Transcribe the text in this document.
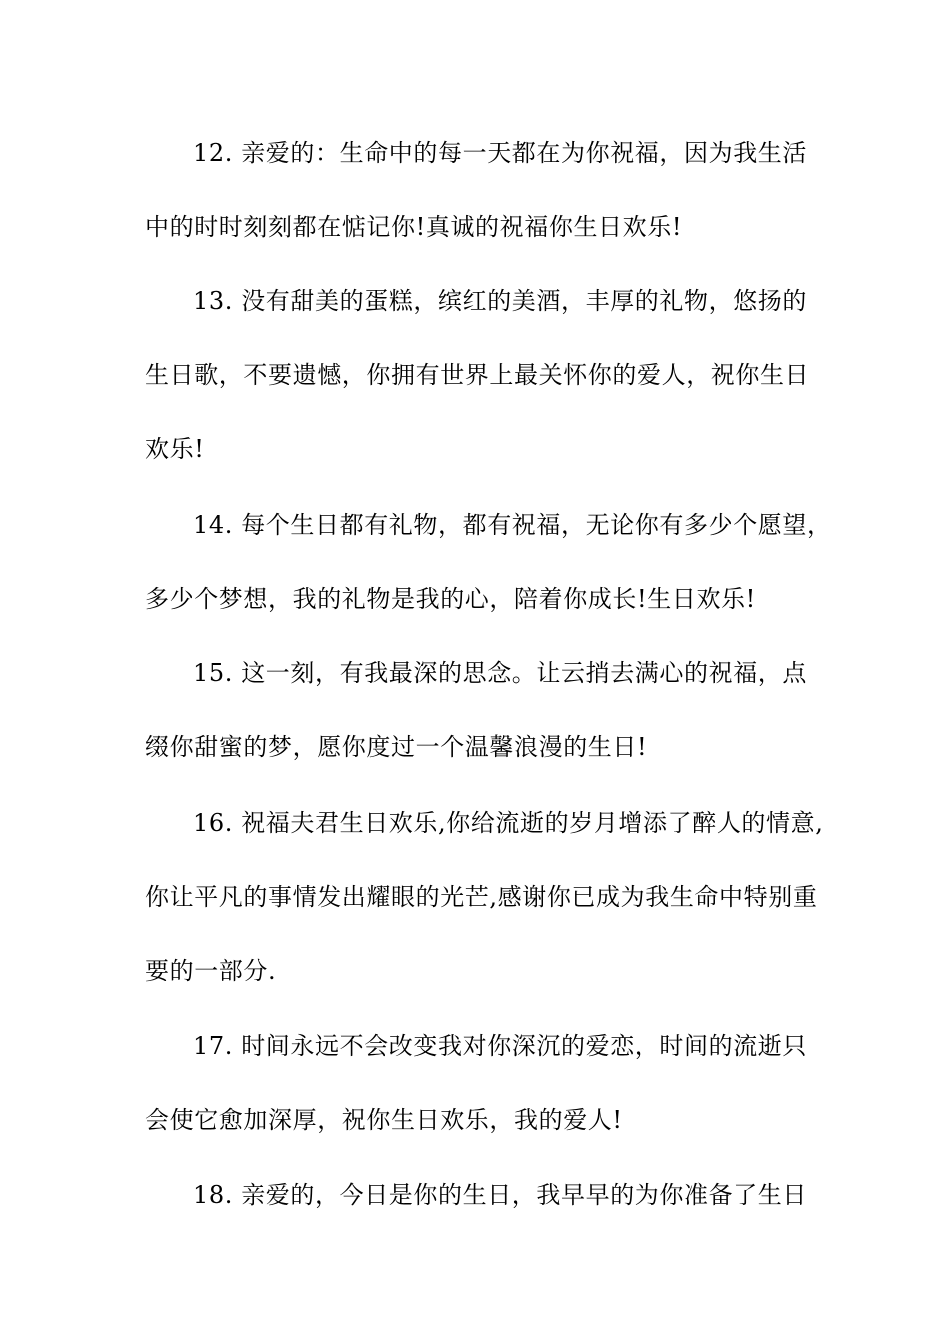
12. 亲爱的：生命中的每一天都在为你祝福，因为我生活
中的时时刻刻都在惦记你!真诚的祝福你生日欢乐!
13. 没有甜美的蛋糕，缤红的美酒，丰厚的礼物，悠扬的
生日歌，不要遗憾，你拥有世界上最关怀你的爱人，祝你生日
欢乐!
14. 每个生日都有礼物，都有祝福，无论你有多少个愿望，
多少个梦想，我的礼物是我的心，陪着你成长!生日欢乐!
15. 这一刻，有我最深的思念。让云捎去满心的祝福，点
缀你甜蜜的梦，愿你度过一个温馨浪漫的生日!
16. 祝福夫君生日欢乐,你给流逝的岁月增添了醉人的情意,
你让平凡的事情发出耀眼的光芒,感谢你已成为我生命中特别重
要的一部分.
17. 时间永远不会改变我对你深沉的爱恋，时间的流逝只
会使它愈加深厚，祝你生日欢乐，我的爱人!
18. 亲爱的，今日是你的生日，我早早的为你准备了生日
